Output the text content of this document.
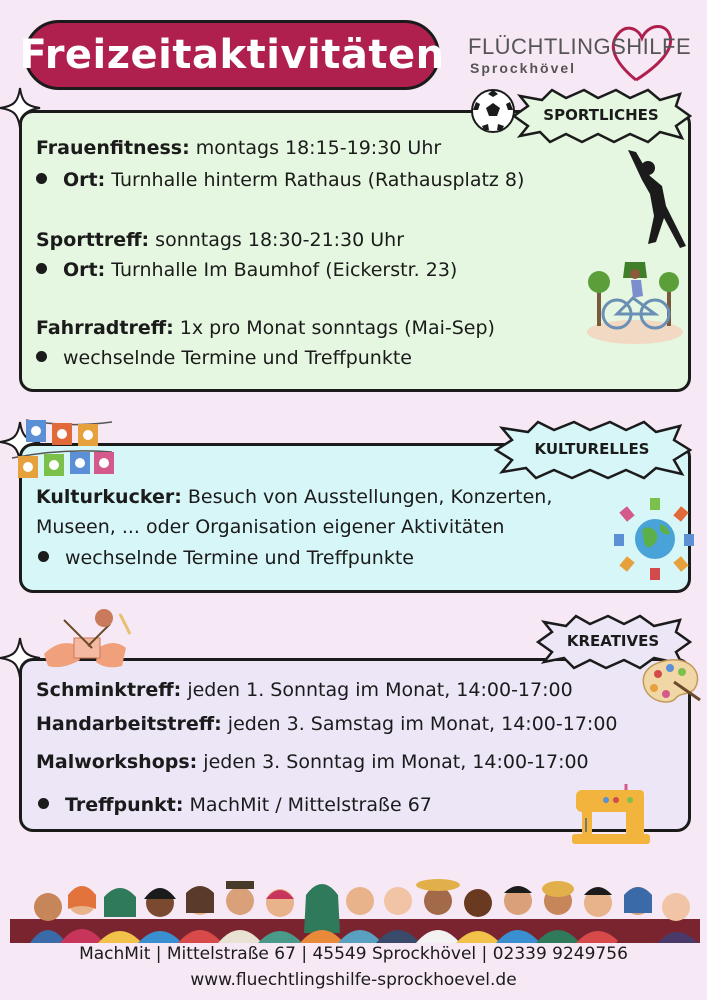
Freizeitaktivitäten FLÜCHTLINGSHILFE
Sprockhövel
Frauenfitness: montags 18:15-19:30 Uhr
Ort: Turnhalle hinterm Rathaus (Rathausplatz 8)
Sporttreff: sonntags 18:30-21:30 Uhr
Ort: Turnhalle Im Baumhof (Eickerstr. 23)
Fahrradtreff: 1x pro Monat sonntags (Mai-Sep)
wechselnde Termine und Treffpunkte
SPORTLICHES
Kulturkucker: Besuch von Ausstellungen, Konzerten,
Museen, ... oder Organisation eigener Aktivitäten
wechselnde Termine und Treffpunkte
KULTURELLES
Schminktreff: jeden 1. Sonntag im Monat, 14:00-17:00
Handarbeitstreff: jeden 3. Samstag im Monat, 14:00-17:00
Malworkshops: jeden 3. Sonntag im Monat, 14:00-17:00
Treffpunkt: MachMit / Mittelstraße 67
KREATIVES
MachMit | Mittelstraße 67 | 45549 Sprockhövel | 02339 9249756
www.fluechtlingshilfe-sprockhoevel.de
